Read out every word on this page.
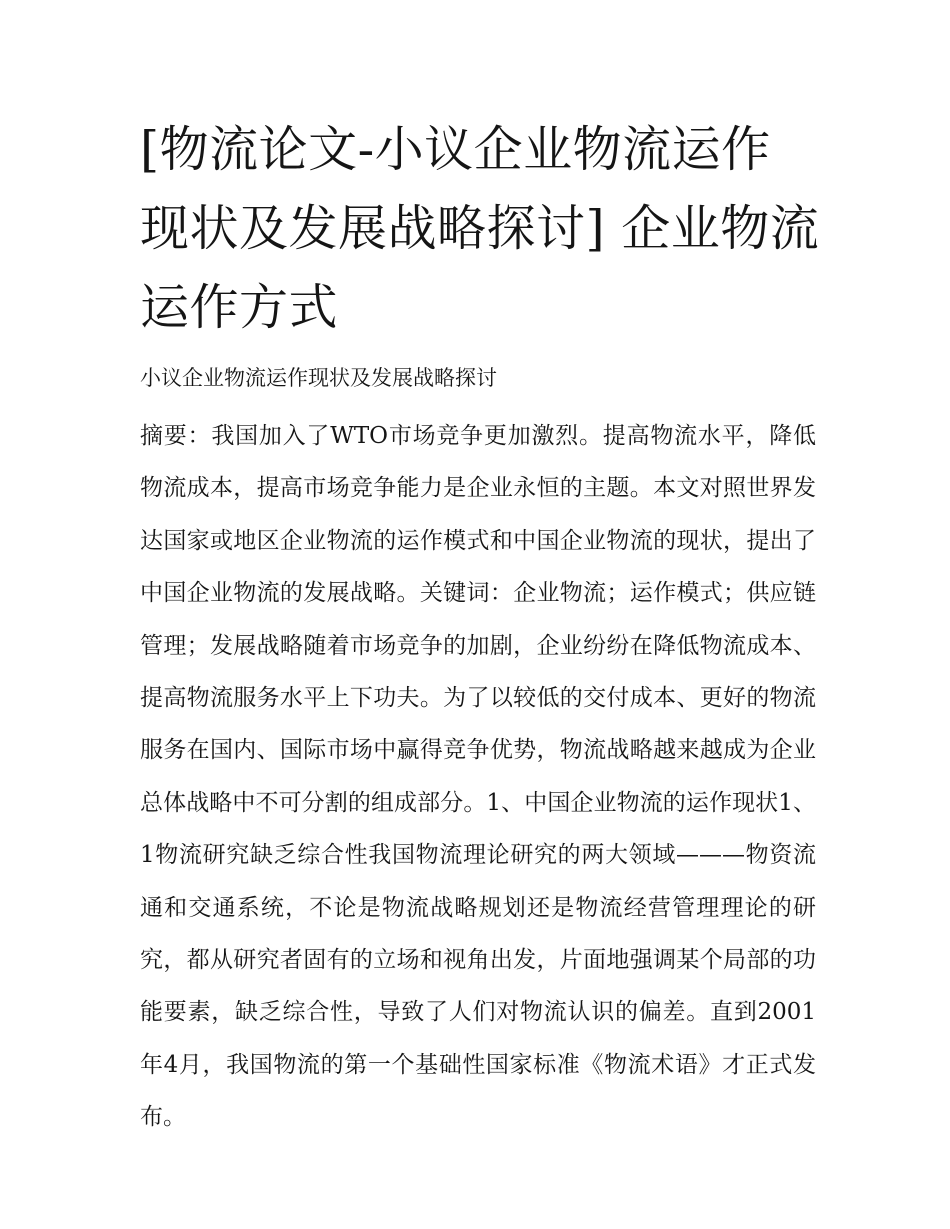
[物流论文-小议企业物流运作现状及发展战略探讨] 企业物流运作方式

小议企业物流运作现状及发展战略探讨

摘要：我国加入了WTO市场竞争更加激烈。提高物流水平，降低物流成本，提高市场竞争能力是企业永恒的主题。本文对照世界发达国家或地区企业物流的运作模式和中国企业物流的现状，提出了中国企业物流的发展战略。关键词：企业物流；运作模式；供应链管理；发展战略随着市场竞争的加剧，企业纷纷在降低物流成本、提高物流服务水平上下功夫。为了以较低的交付成本、更好的物流服务在国内、国际市场中赢得竞争优势，物流战略越来越成为企业总体战略中不可分割的组成部分。1、中国企业物流的运作现状1、1物流研究缺乏综合性我国物流理论研究的两大领域———物资流通和交通系统，不论是物流战略规划还是物流经营管理理论的研究，都从研究者固有的立场和视角出发，片面地强调某个局部的功能要素，缺乏综合性，导致了人们对物流认识的偏差。直到2001年4月，我国物流的第一个基础性国家标准《物流术语》才正式发布。
